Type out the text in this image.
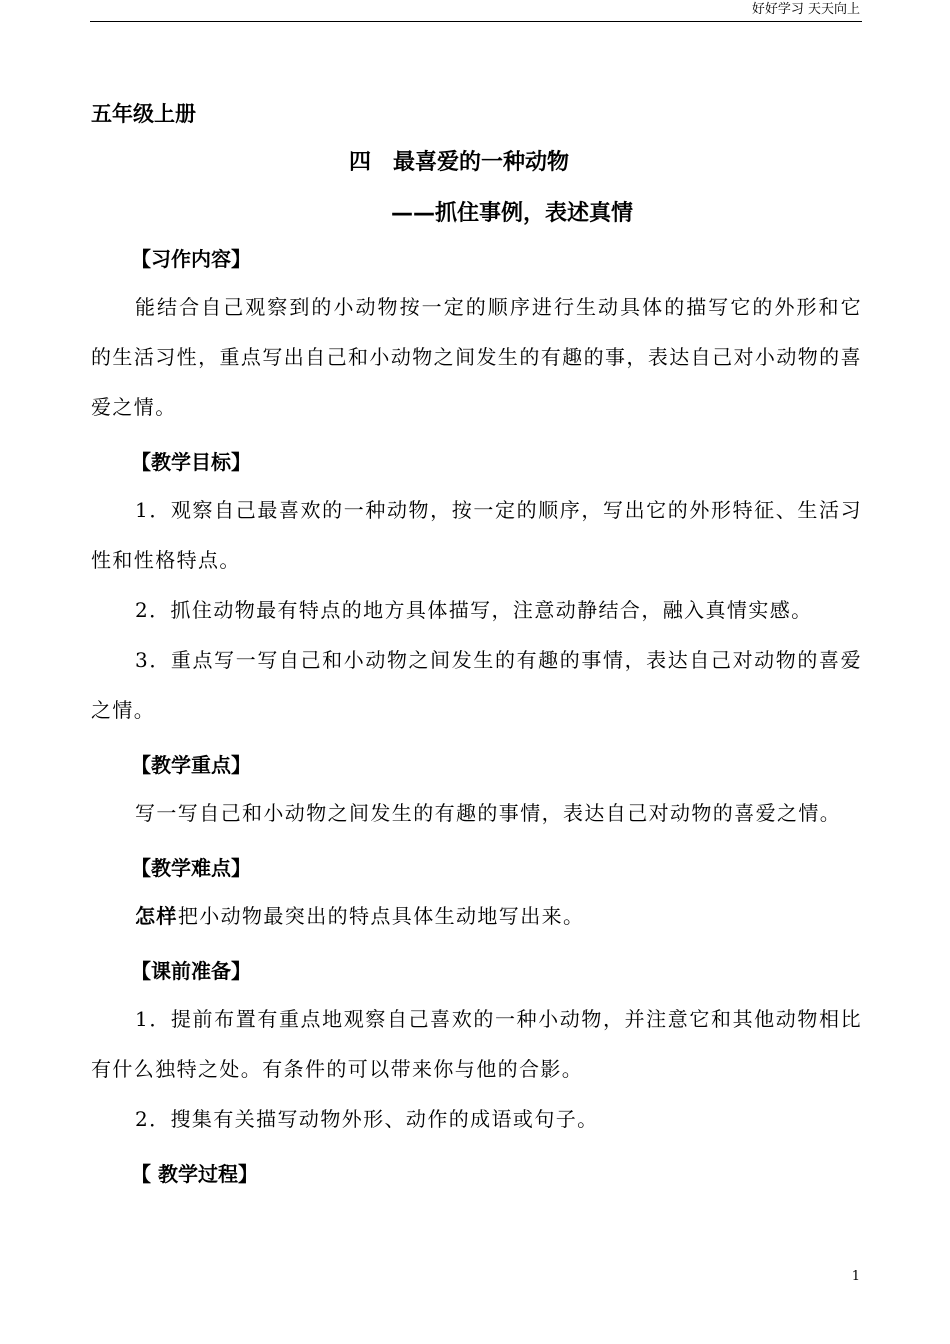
好好学习 天天向上
五年级上册
四　最喜爱的一种动物
——抓住事例，表述真情
【习作内容】

能结合自己观察到的小动物按一定的顺序进行生动具体的描写它的外形和它的生活习性，重点写出自己和小动物之间发生的有趣的事，表达自己对小动物的喜爱之情。

【教学目标】

1．观察自己最喜欢的一种动物，按一定的顺序，写出它的外形特征、生活习性和性格特点。

2．抓住动物最有特点的地方具体描写，注意动静结合，融入真情实感。

3．重点写一写自己和小动物之间发生的有趣的事情，表达自己对动物的喜爱之情。

【教学重点】

写一写自己和小动物之间发生的有趣的事情，表达自己对动物的喜爱之情。

【教学难点】

怎样把小动物最突出的特点具体生动地写出来。

【课前准备】

1．提前布置有重点地观察自己喜欢的一种小动物，并注意它和其他动物相比有什么独特之处。有条件的可以带来你与他的合影。

2．搜集有关描写动物外形、动作的成语或句子。

【 教学过程】
1
